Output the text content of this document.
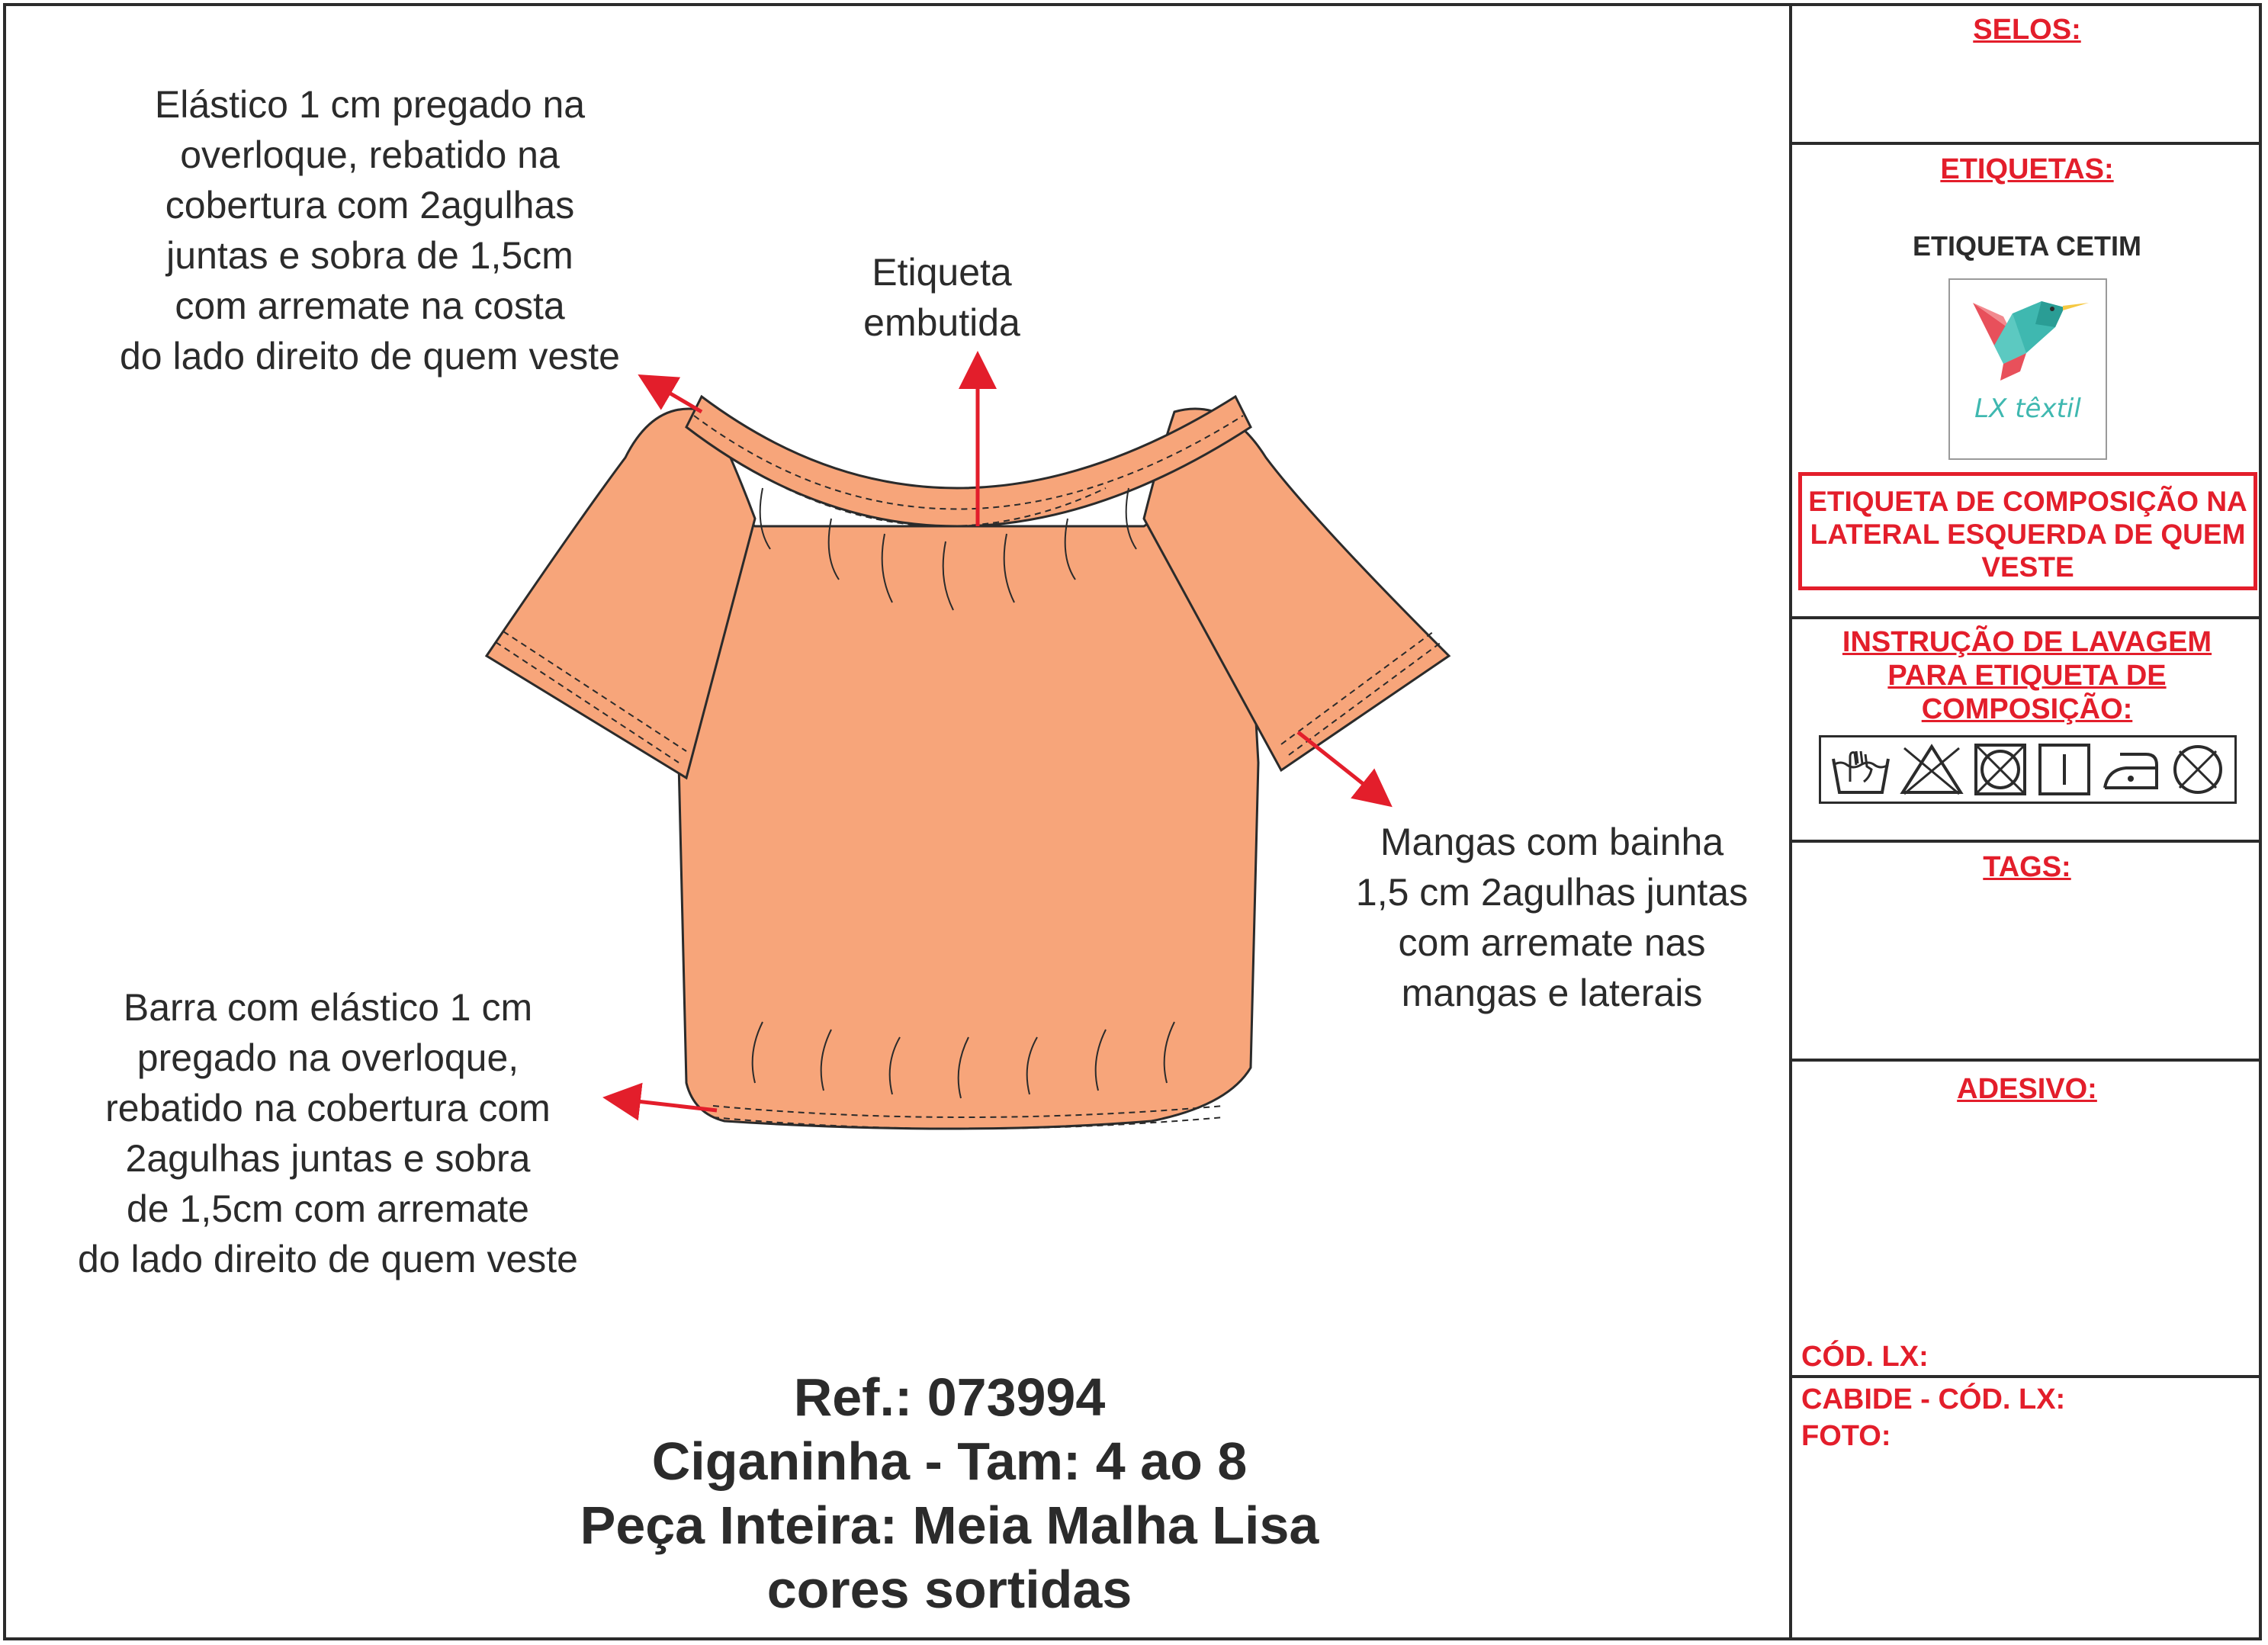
SELOS:
ETIQUETAS:
ETIQUETA CETIM
LX têxtil
ETIQUETA DE COMPOSIÇÃO NA
LATERAL ESQUERDA DE QUEM
VESTE
INSTRUÇÃO DE LAVAGEM
PARA ETIQUETA DE
COMPOSIÇÃO:
TAGS:
ADESIVO:
CÓD. LX:
CABIDE - CÓD. LX:
FOTO:
Elástico 1 cm pregado na
overloque, rebatido na
cobertura com 2agulhas
juntas e sobra de 1,5cm
com arremate na costa
do lado direito de quem veste
Etiqueta
embutida
Mangas com bainha
1,5 cm 2agulhas juntas
com arremate nas
mangas e laterais
Barra com elástico 1 cm
pregado na overloque,
rebatido na cobertura com
2agulhas juntas e sobra
de 1,5cm com arremate
do lado direito de quem veste
Ref.: 073994
Ciganinha - Tam: 4 ao 8
Peça Inteira: Meia Malha Lisa
cores sortidas
